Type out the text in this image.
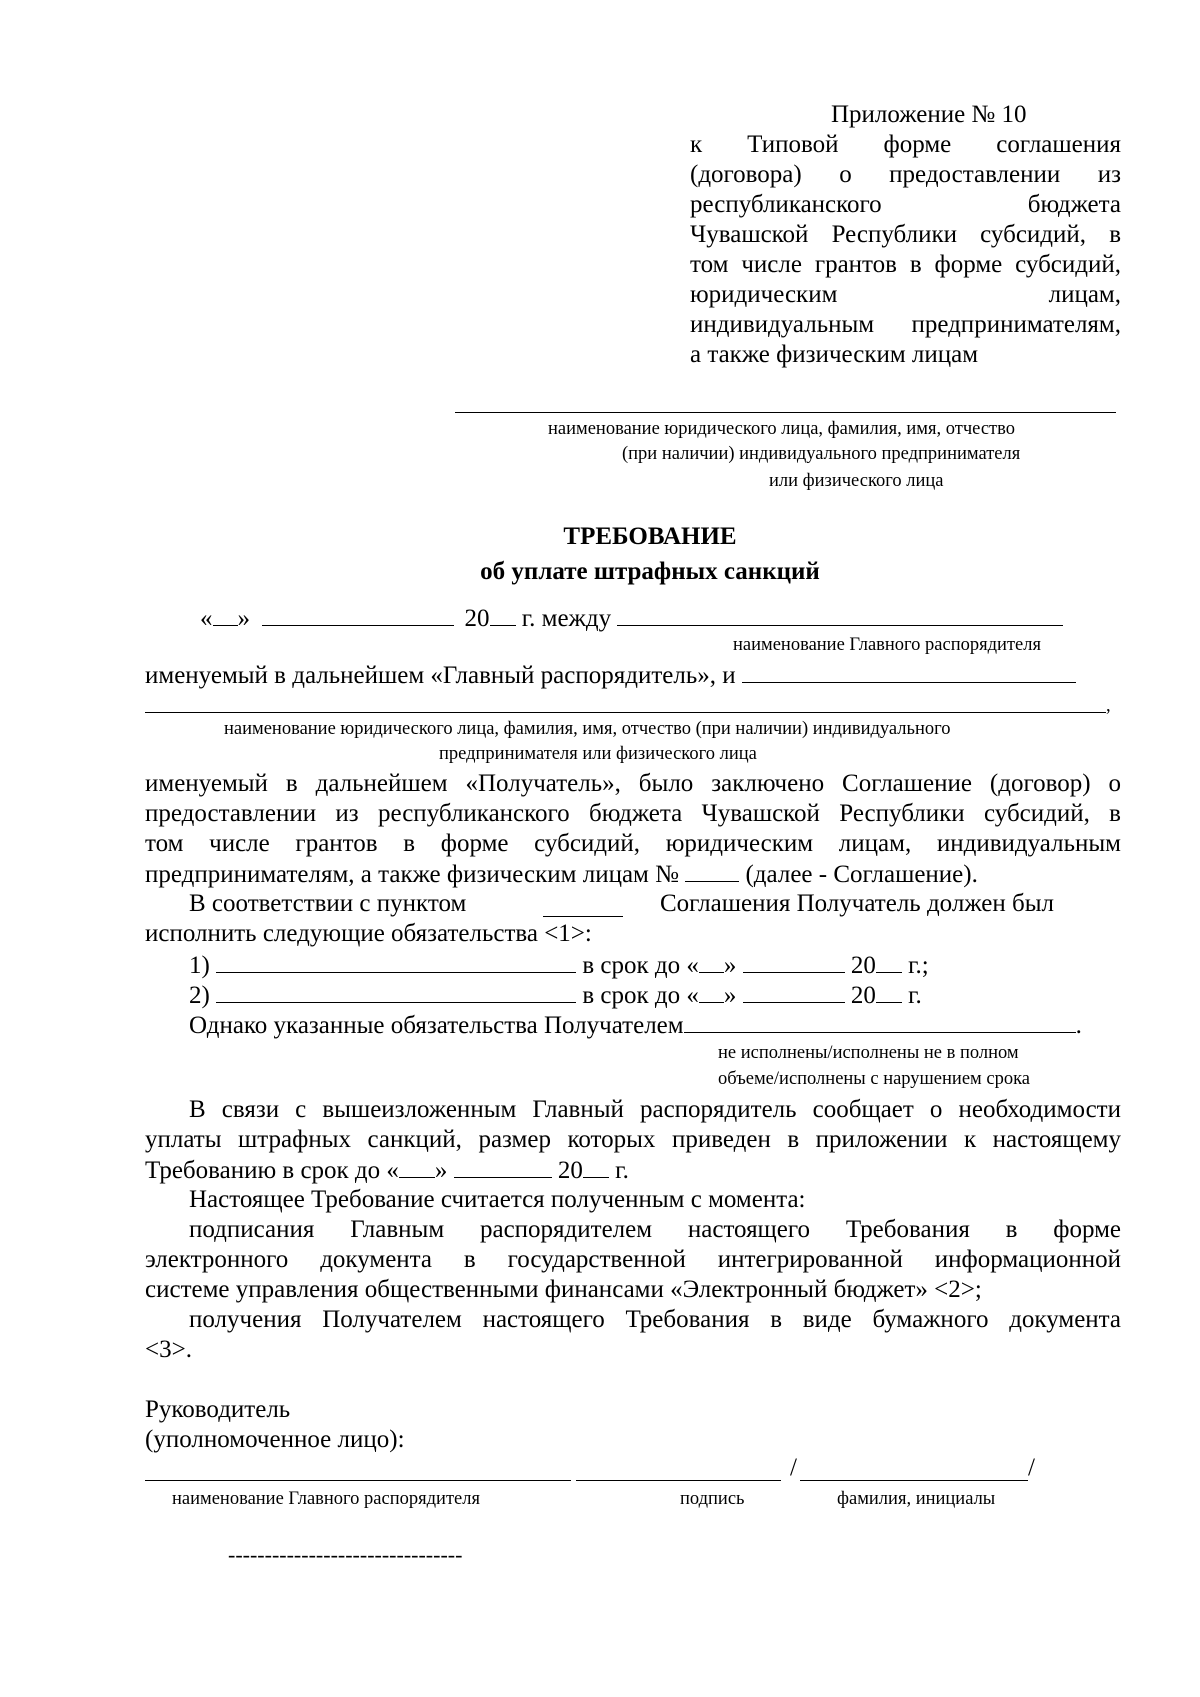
Приложение № 10
к Типовой форме соглашения
(договора) о предоставлении из
республиканского бюджета
Чувашской Республики субсидий, в
том числе грантов в форме субсидий,
юридическим лицам,
индивидуальным предпринимателям,
а также физическим лицам
наименование юридического лица, фамилия, имя, отчество
(при наличии) индивидуального предпринимателя
или физического лица
ТРЕБОВАНИЕ
об уплате штрафных санкций
« »	20 г. между
наименование Главного распорядителя
именуемый в дальнейшем «Главный распорядитель», и
,
наименование юридического лица, фамилия, имя, отчество (при наличии) индивидуального
предпринимателя или физического лица
именуемый в дальнейшем «Получатель», было заключено Соглашение (договор) о
предоставлении из республиканского бюджета Чувашской Республики субсидий, в
том числе грантов в форме субсидий, юридическим лицам, индивидуальным
предпринимателям, а также физическим лицам №	(далее - Соглашение).
В соответствии с пунктом	Соглашения Получатель должен был
исполнить следующие обязательства <1>:
1)	в срок до « »	20 г.;
2)	в срок до « »	20 г.
Однако указанные обязательства Получателем	.
не исполнены/исполнены не в полном
объеме/исполнены с нарушением срока
В связи с вышеизложенным Главный распорядитель сообщает о необходимости
уплаты штрафных санкций, размер которых приведен в приложении к настоящему
Требованию в срок до « »	20 г.
Настоящее Требование считается полученным с момента:
подписания Главным распорядителем настоящего Требования в форме
электронного документа в государственной интегрированной информационной
системе управления общественными финансами «Электронный бюджет» <2>;
получения Получателем настоящего Требования в виде бумажного документа
<3>.
Руководитель
(уполномоченное лицо):
/	/
наименование Главного распорядителя	подпись	фамилия, инициалы
--------------------------------
